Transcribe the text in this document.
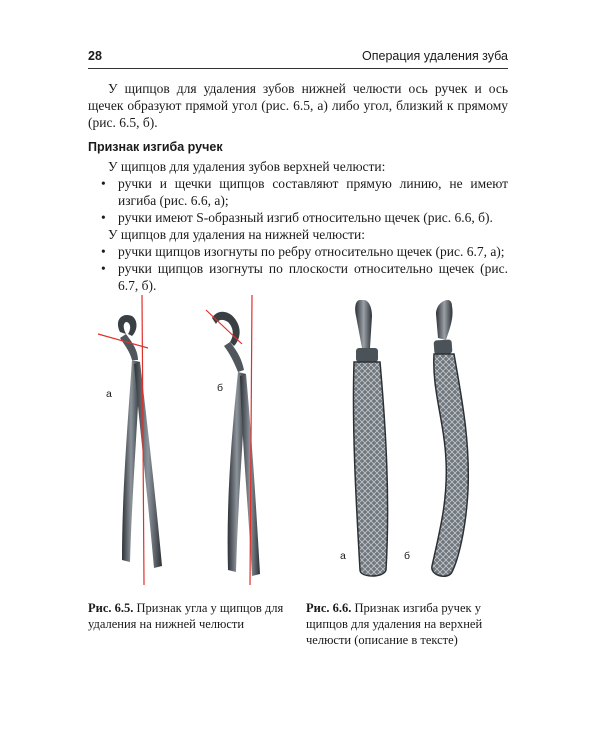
28	Операция удаления зуба
У щипцов для удаления зубов нижней челюсти ось ручек и ось щечек образуют прямой угол (рис. 6.5, а) либо угол, близкий к прямому (рис. 6.5, б).
Признак изгиба ручек
У щипцов для удаления зубов верхней челюсти:
• ручки и щечки щипцов составляют прямую линию, не имеют изгиба (рис. 6.6, а);
• ручки имеют S-образный изгиб относительно щечек (рис. 6.6, б).
У щипцов для удаления на нижней челюсти:
• ручки щипцов изогнуты по ребру относительно щечек (рис. 6.7, а);
• ручки щипцов изогнуты по плоскости относительно щечек (рис. 6.7, б).
а	б
а	б
Рис. 6.5. Признак угла у щипцов для удаления на нижней челюсти
Рис. 6.6. Признак изгиба ручек у щипцов для удаления на верхней челюсти (описание в тексте)
